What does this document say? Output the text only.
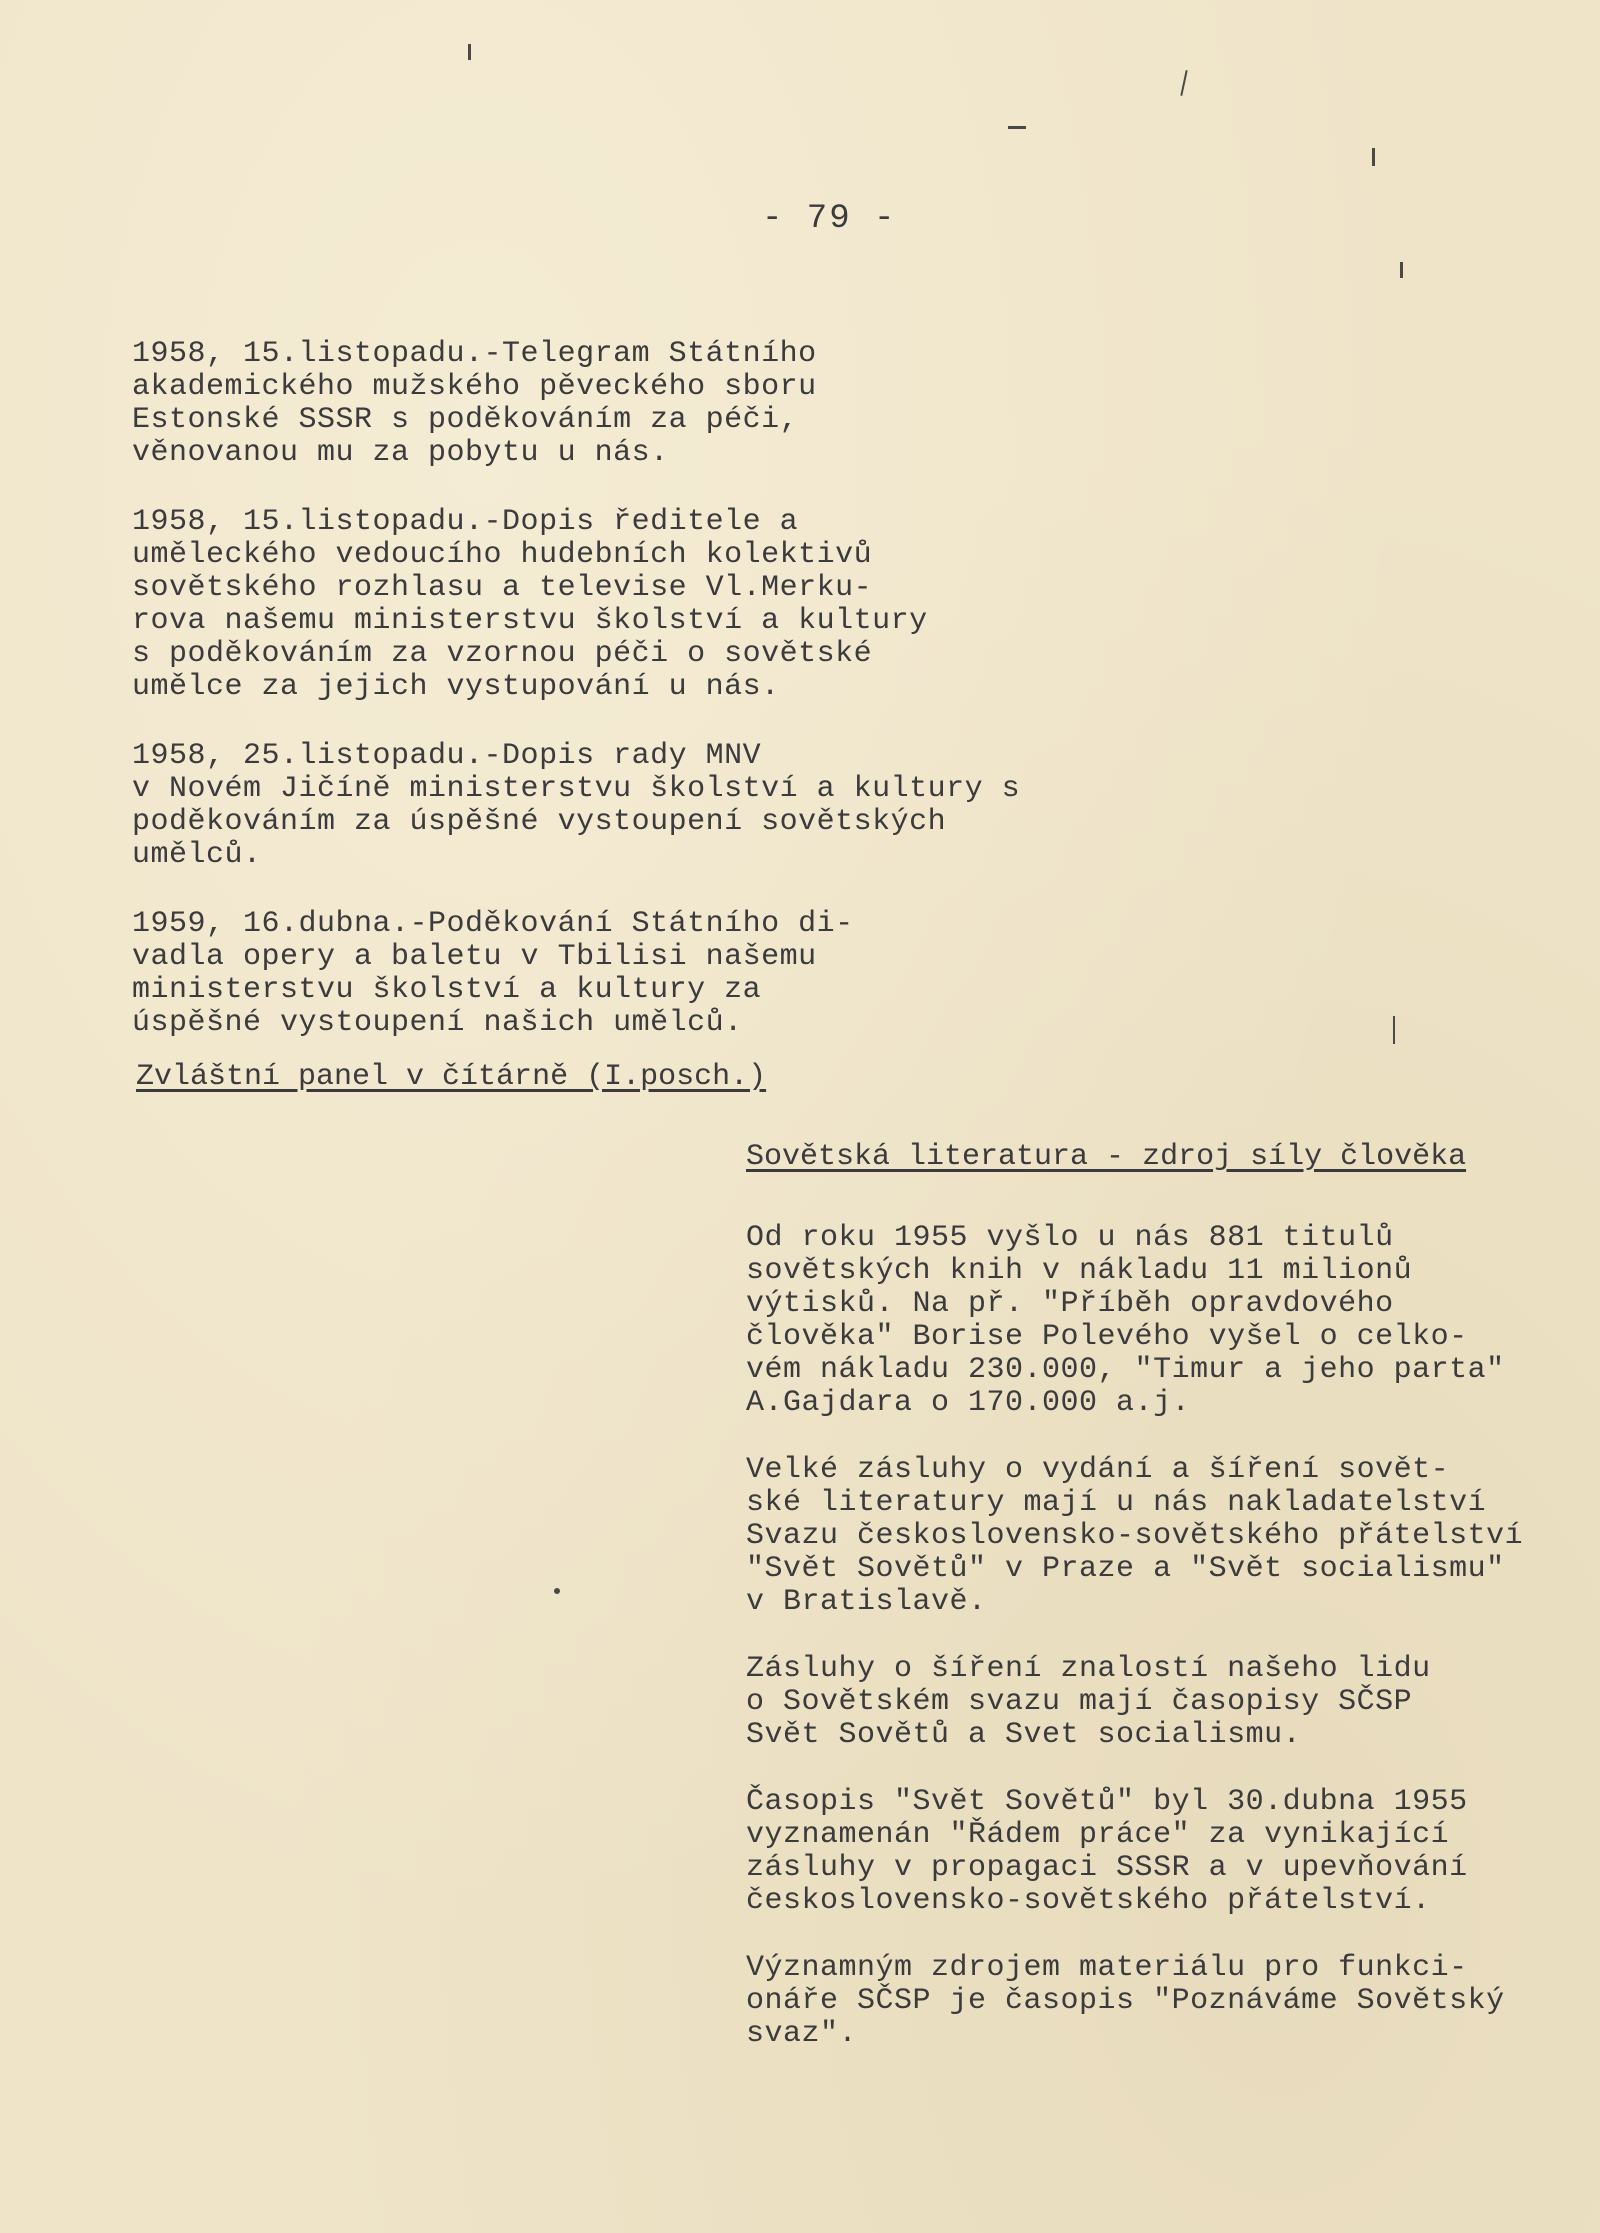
- 79 -
1958, 15.listopadu.-Telegram Státního
akademického mužského pěveckého sboru
Estonské SSSR s poděkováním za péči,
věnovanou mu za pobytu u nás.
1958, 15.listopadu.-Dopis ředitele a
uměleckého vedoucího hudebních kolektivů
sovětského rozhlasu a televise Vl.Merku-
rova našemu ministerstvu školství a kultury
s poděkováním za vzornou péči o sovětské
umělce za jejich vystupování u nás.
1958, 25.listopadu.-Dopis rady MNV
v Novém Jičíně ministerstvu školství a kultury s
poděkováním za úspěšné vystoupení sovětských
umělců.
1959, 16.dubna.-Poděkování Státního di-
vadla opery a baletu v Tbilisi našemu
ministerstvu školství a kultury za
úspěšné vystoupení našich umělců.
Zvláštní panel v čítárně (I.posch.)
Sovětská literatura - zdroj síly člověka
Od roku 1955 vyšlo u nás 881 titulů
sovětských knih v nákladu 11 milionů
výtisků. Na př. "Příběh opravdového
člověka" Borise Polevého vyšel o celko-
vém nákladu 230.000, "Timur a jeho parta"
A.Gajdara o 170.000 a.j.
Velké zásluhy o vydání a šíření sovět-
ské literatury mají u nás nakladatelství
Svazu československo-sovětského přátelství
"Svět Sovětů" v Praze a "Svět socialismu"
v Bratislavě.
Zásluhy o šíření znalostí našeho lidu
o Sovětském svazu mají časopisy SČSP
Svět Sovětů a Svet socialismu.
Časopis "Svět Sovětů" byl 30.dubna 1955
vyznamenán "Řádem práce" za vynikající
zásluhy v propagaci SSSR a v upevňování
československo-sovětského přátelství.
Významným zdrojem materiálu pro funkci-
onáře SČSP je časopis "Poznáváme Sovětský
svaz".
